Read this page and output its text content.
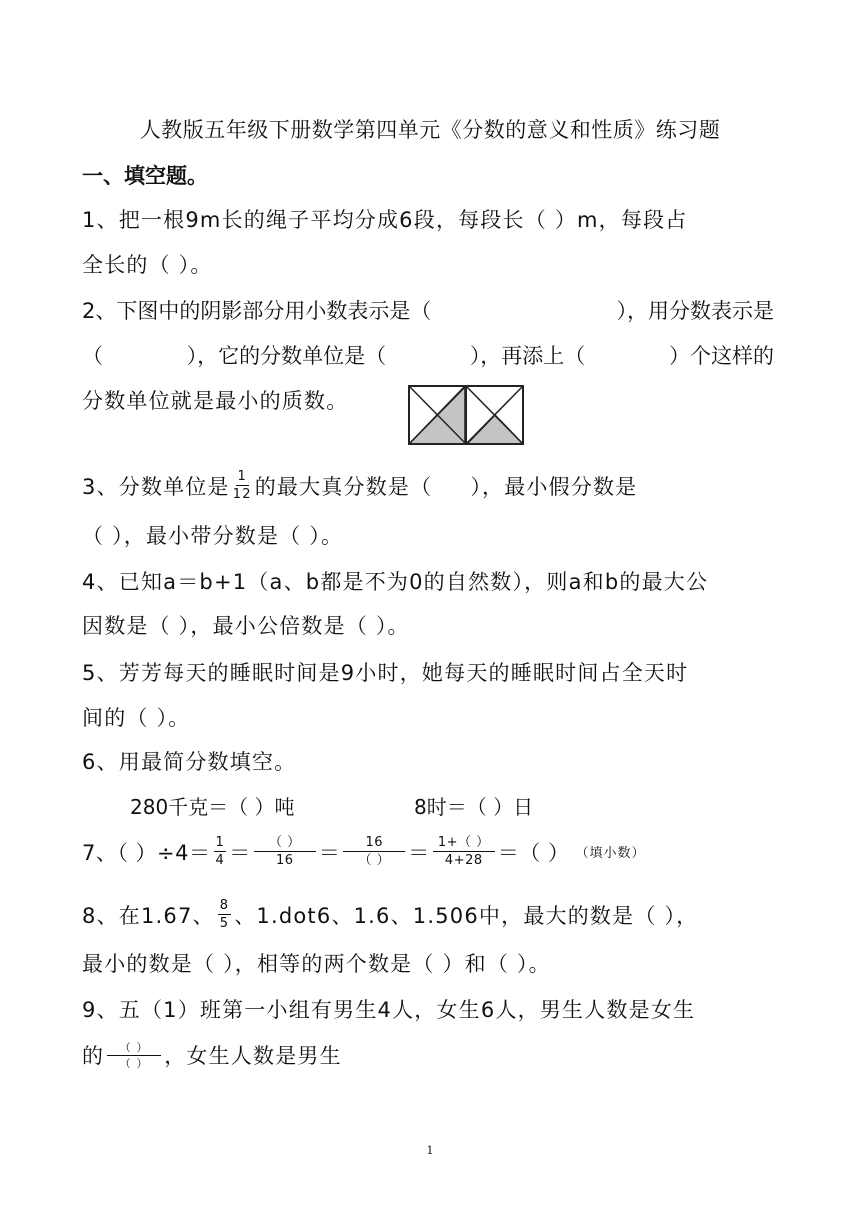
人教版五年级下册数学第四单元《分数的意义和性质》练习题
一、填空题。
1、把一根9m长的绳子平均分成6段，每段长（ ）m，每段占
全长的（ ）。
2、下图中的阴影部分用小数表示是（	），用分数表示是
（	），它的分数单位是（	），再添上（	）个这样的
分数单位就是最小的质数。
3、分数单位是 $\frac{1}{12}$ 的最大真分数是（ ），最小假分数是
（ ），最小带分数是（ ）。
4、已知a＝b+1（a、b都是不为0的自然数），则a和b的最大公
因数是（ ），最小公倍数是（ ）。
5、芳芳每天的睡眠时间是9小时，她每天的睡眠时间占全天时
间的（ ）。
6、用最简分数填空。
280千克＝（ ）吨	8时＝（ ）日
7、（ ）$\div 4= \frac{1}{4} = \frac{( )}{16} = \frac{16}{( )} = \frac{1+( )}{4+28}$ ＝（ ） （填小数）
8、在1.67、 $\frac{8}{5}$ 、1.dot6、1.6、1.506中，最大的数是（ ），
最小的数是（ ），相等的两个数是（ ）和（ ）。
9、五（1）班第一小组有男生4人，女生6人，男生人数是女生
的 $\frac{( )}{( )}$ ，女生人数是男生
1
